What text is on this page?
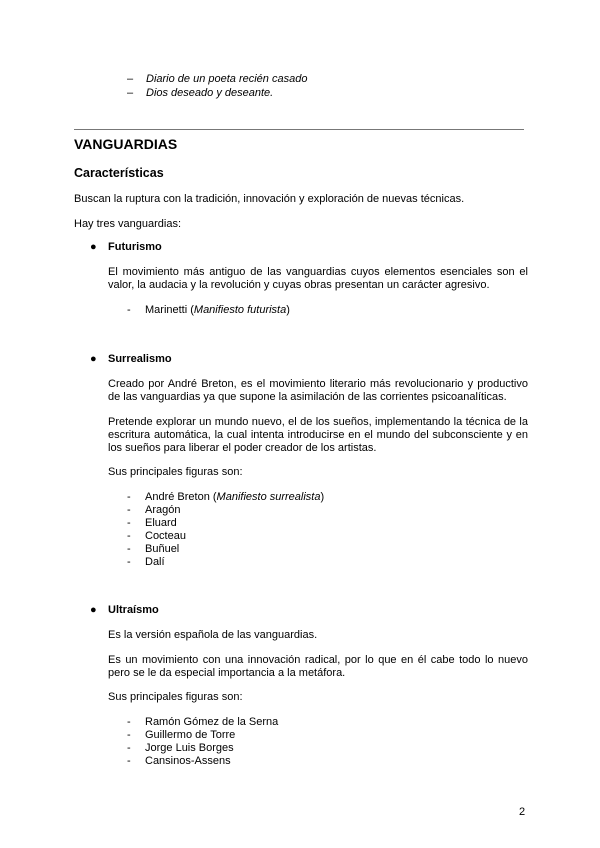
– Diario de un poeta recién casado
– Dios deseado y deseante.
VANGUARDIAS
Características
Buscan la ruptura con la tradición, innovación y exploración de nuevas técnicas.
Hay tres vanguardias:
● Futurismo
El movimiento más antiguo de las vanguardias cuyos elementos esenciales son el valor, la audacia y la revolución y cuyas obras presentan un carácter agresivo.
- Marinetti (Manifiesto futurista)
● Surrealismo
Creado por André Breton, es el movimiento literario más revolucionario y productivo de las vanguardias ya que supone la asimilación de las corrientes psicoanalíticas.
Pretende explorar un mundo nuevo, el de los sueños, implementando la técnica de la escritura automática, la cual intenta introducirse en el mundo del subconsciente y en los sueños para liberar el poder creador de los artistas.
Sus principales figuras son:
- André Breton (Manifiesto surrealista)
- Aragón
- Eluard
- Cocteau
- Buñuel
- Dalí
● Ultraísmo
Es la versión española de las vanguardias.
Es un movimiento con una innovación radical, por lo que en él cabe todo lo nuevo pero se le da especial importancia a la metáfora.
Sus principales figuras son:
- Ramón Gómez de la Serna
- Guillermo de Torre
- Jorge Luis Borges
- Cansinos-Assens
2
